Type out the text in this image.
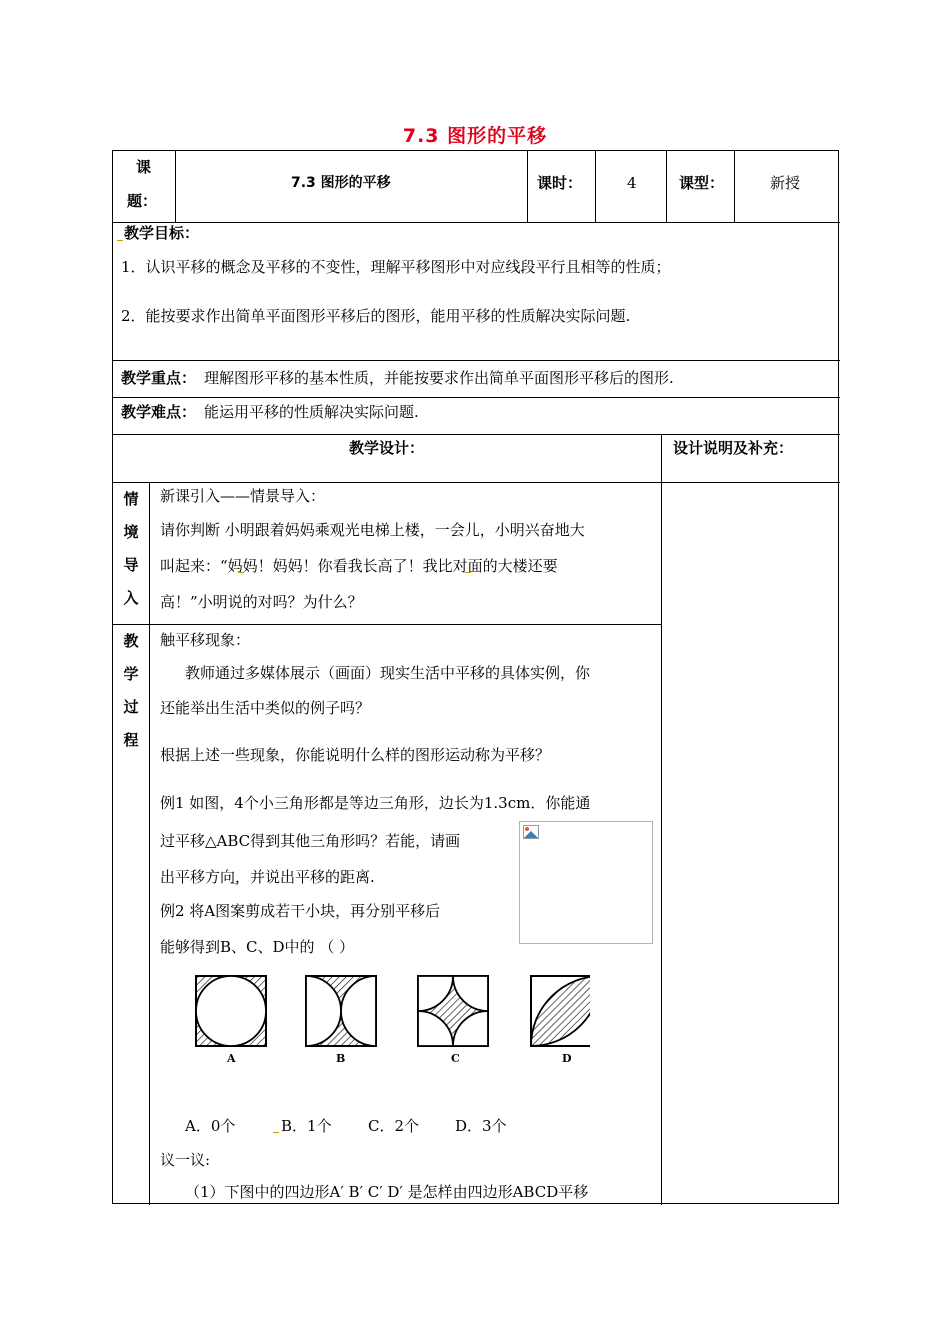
7.3 图形的平移
课
题：
7.3 图形的平移	课时：	4	课型：	新授
教学目标：
1．认识平移的概念及平移的不变性，理解平移图形中对应线段平行且相等的性质；
2．能按要求作出简单平面图形平移后的图形，能用平移的性质解决实际问题.
教学重点： 理解图形平移的基本性质，并能按要求作出简单平面图形平移后的图形.
教学难点： 能运用平移的性质解决实际问题.
教学设计：	设计说明及补充：
情
境
导
入
新课引入——情景导入：
请你判断 小明跟着妈妈乘观光电梯上楼，一会儿，小明兴奋地大
叫起来：“妈妈！妈妈！你看我长高了！我比对面的大楼还要
高！”小明说的对吗？为什么？
教
学
过
程
触平移现象：
教师通过多媒体展示（画面）现实生活中平移的具体实例，你
还能举出生活中类似的例子吗？
根据上述一些现象，你能说明什么样的图形运动称为平移？
例1 如图，4个小三角形都是等边三角形，边长为1.3cm．你能通
过平移△ABC得到其他三角形吗？若能，请画
出平移方向，并说出平移的距离.
例2 将A图案剪成若干小块，再分别平移后
能够得到B、C、D中的 （ ）
A．0个	B．1个 C．2个 D．3个
议一议:
（1）下图中的四边形A′ B′ C′ D′ 是怎样由四边形ABCD平移
A	B	C	D
